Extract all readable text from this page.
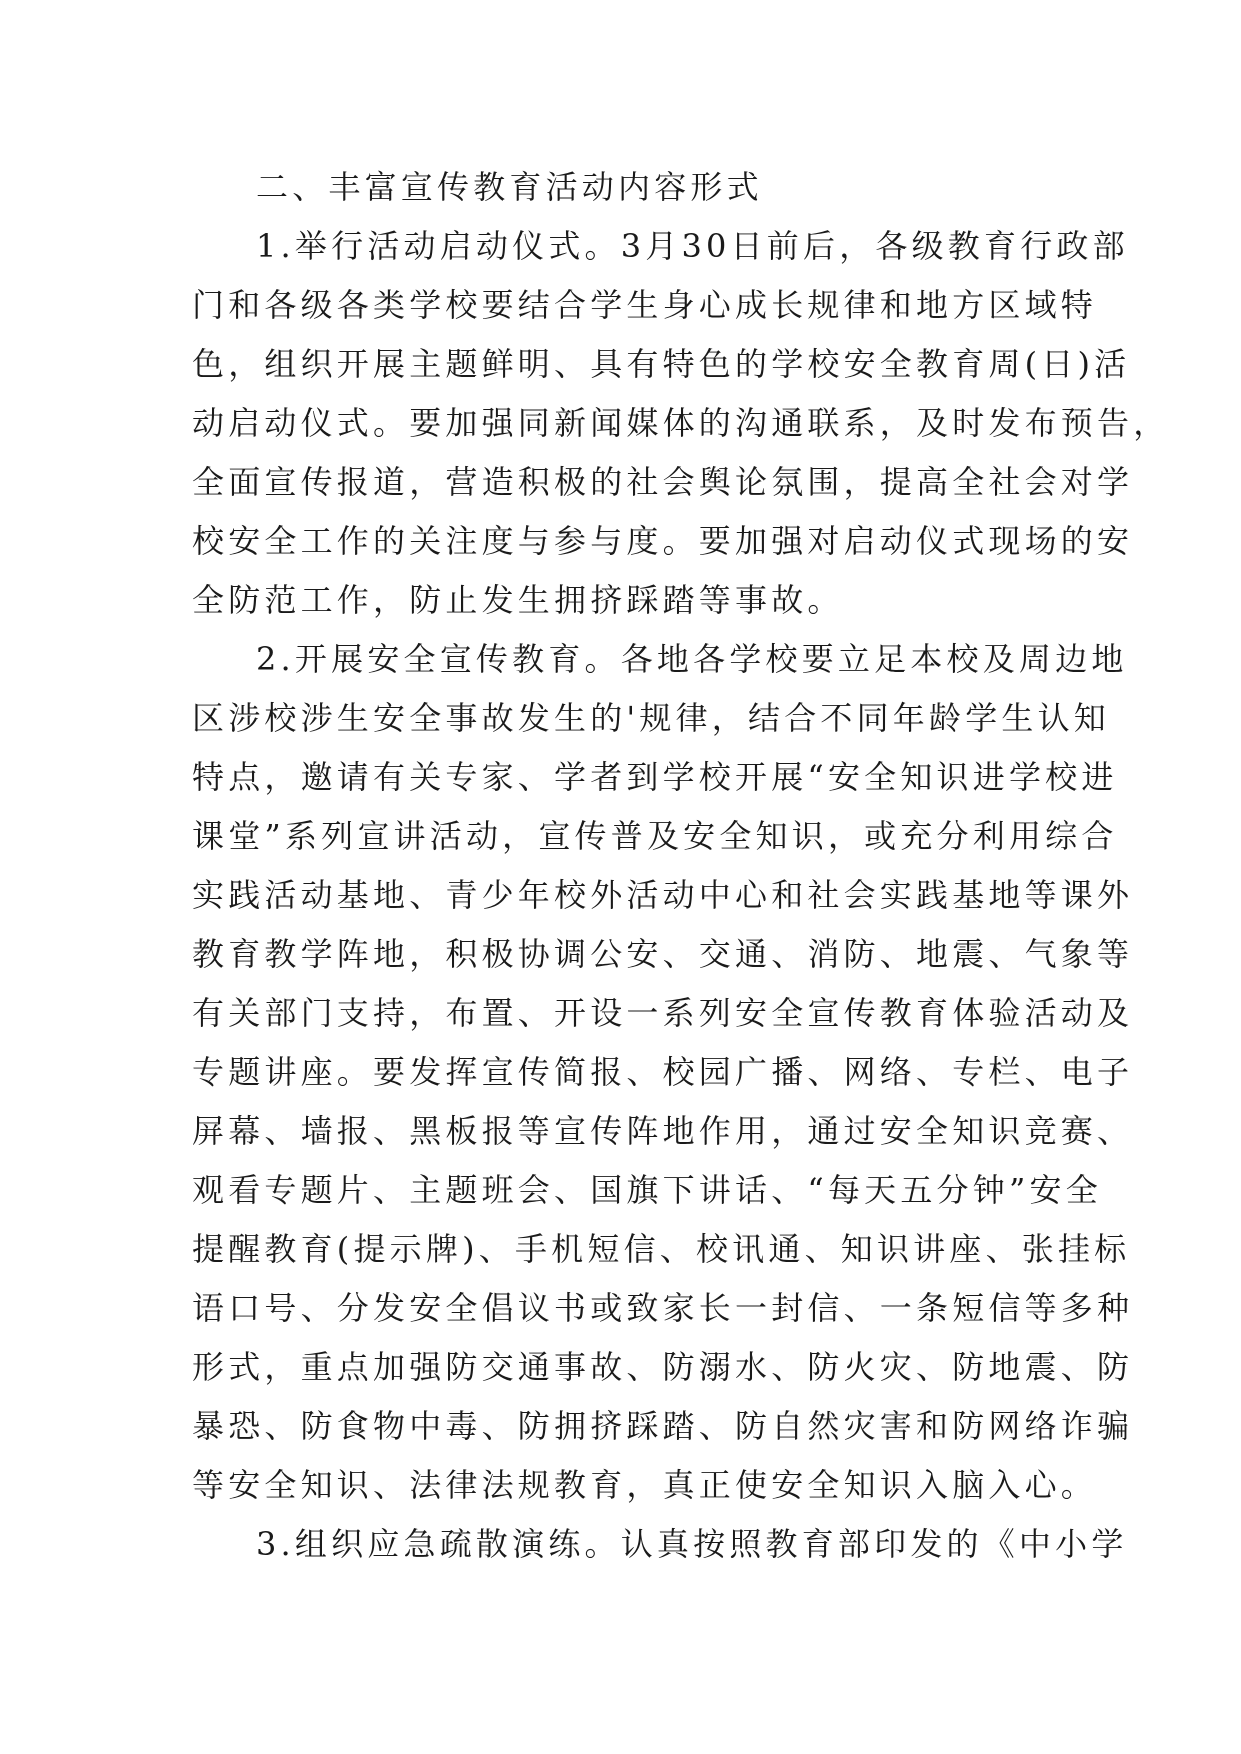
二、丰富宣传教育活动内容形式
1.举行活动启动仪式。3月30日前后，各级教育行政部
门和各级各类学校要结合学生身心成长规律和地方区域特
色，组织开展主题鲜明、具有特色的学校安全教育周(日)活
动启动仪式。要加强同新闻媒体的沟通联系，及时发布预告，
全面宣传报道，营造积极的社会舆论氛围，提高全社会对学
校安全工作的关注度与参与度。要加强对启动仪式现场的安
全防范工作，防止发生拥挤踩踏等事故。
2.开展安全宣传教育。各地各学校要立足本校及周边地
区涉校涉生安全事故发生的'规律，结合不同年龄学生认知
特点，邀请有关专家、学者到学校开展“安全知识进学校进
课堂”系列宣讲活动，宣传普及安全知识，或充分利用综合
实践活动基地、青少年校外活动中心和社会实践基地等课外
教育教学阵地，积极协调公安、交通、消防、地震、气象等
有关部门支持，布置、开设一系列安全宣传教育体验活动及
专题讲座。要发挥宣传简报、校园广播、网络、专栏、电子
屏幕、墙报、黑板报等宣传阵地作用，通过安全知识竞赛、
观看专题片、主题班会、国旗下讲话、“每天五分钟”安全
提醒教育(提示牌)、手机短信、校讯通、知识讲座、张挂标
语口号、分发安全倡议书或致家长一封信、一条短信等多种
形式，重点加强防交通事故、防溺水、防火灾、防地震、防
暴恐、防食物中毒、防拥挤踩踏、防自然灾害和防网络诈骗
等安全知识、法律法规教育，真正使安全知识入脑入心。
3.组织应急疏散演练。认真按照教育部印发的《中小学
